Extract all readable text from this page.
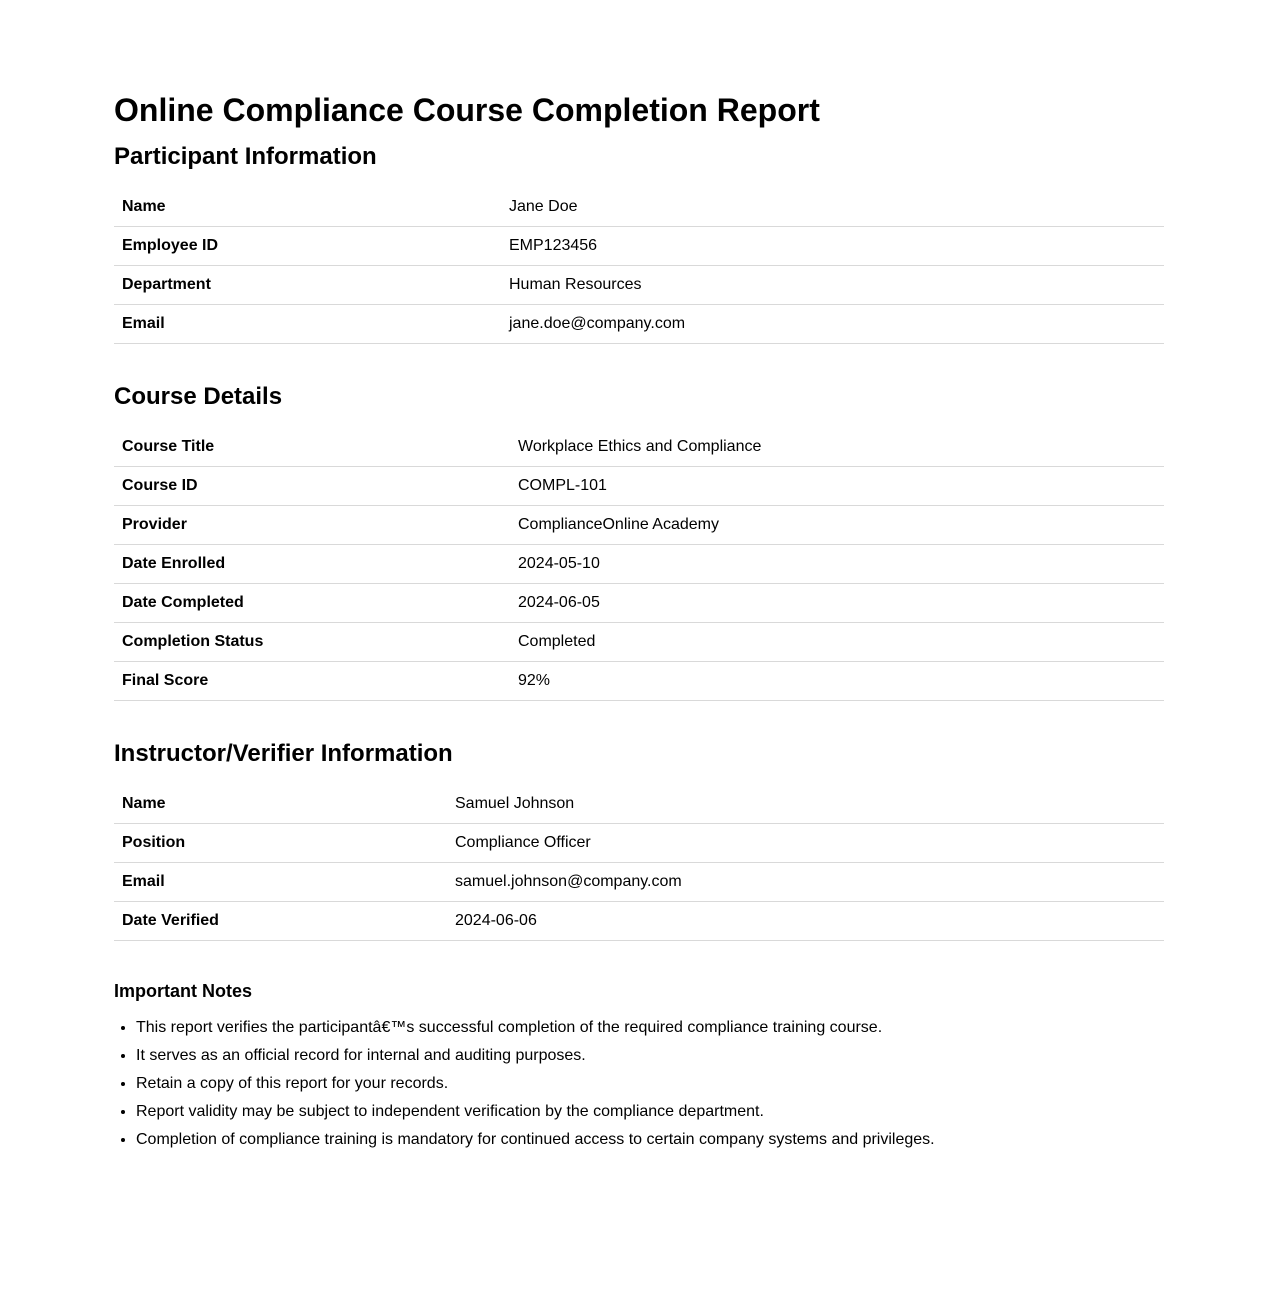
Online Compliance Course Completion Report
Participant Information
Name	Jane Doe
Employee ID	EMP123456
Department	Human Resources
Email	jane.doe@company.com
Course Details
Course Title	Workplace Ethics and Compliance
Course ID	COMPL-101
Provider	ComplianceOnline Academy
Date Enrolled	2024-05-10
Date Completed	2024-06-05
Completion Status	Completed
Final Score	92%
Instructor/Verifier Information
Name	Samuel Johnson
Position	Compliance Officer
Email	samuel.johnson@company.com
Date Verified	2024-06-06
Important Notes
• This report verifies the participantâ€™s successful completion of the required compliance training course.
• It serves as an official record for internal and auditing purposes.
• Retain a copy of this report for your records.
• Report validity may be subject to independent verification by the compliance department.
• Completion of compliance training is mandatory for continued access to certain company systems and privileges.
